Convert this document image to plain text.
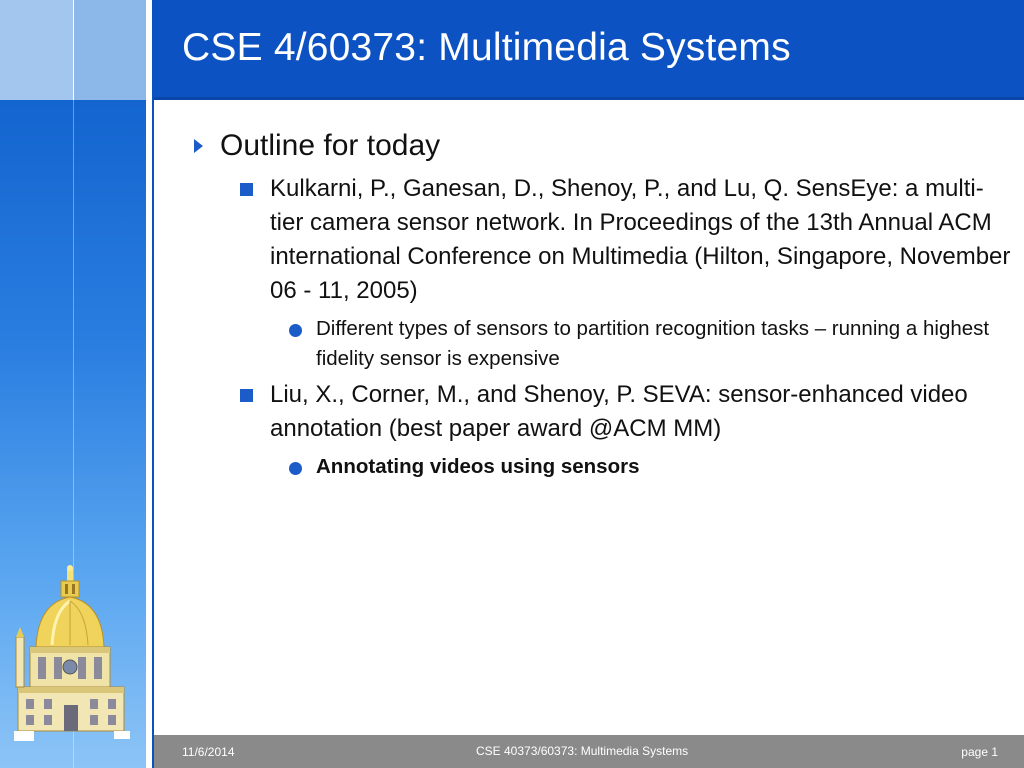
CSE 4/60373: Multimedia Systems
Outline for today
Kulkarni, P., Ganesan, D., Shenoy, P., and Lu, Q. SensEye: a multi-tier camera sensor network. In Proceedings of the 13th Annual ACM international Conference on Multimedia (Hilton, Singapore, November 06 - 11, 2005)
Different types of sensors to partition recognition tasks – running a highest fidelity sensor is expensive
Liu, X., Corner, M., and Shenoy, P. SEVA: sensor-enhanced video annotation (best paper award @ACM MM)
Annotating videos using sensors
11/6/2014	CSE 40373/60373: Multimedia Systems	page 1
